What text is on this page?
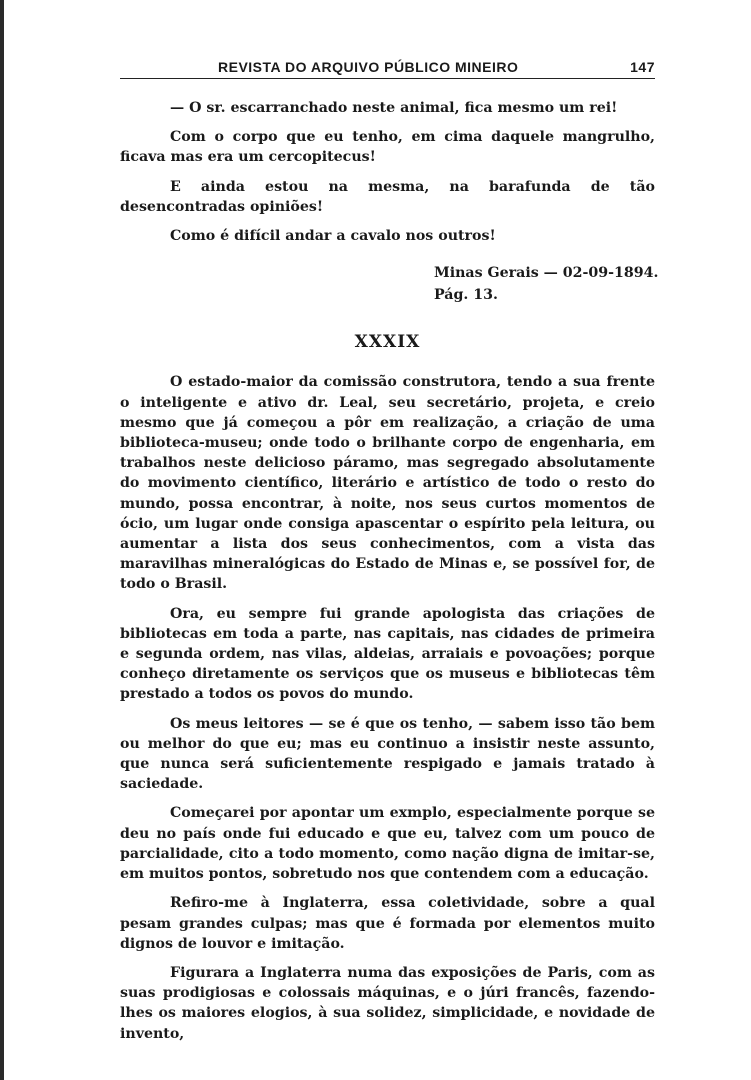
REVISTA DO ARQUIVO PÚBLICO MINEIRO	147

— O sr. escarranchado neste animal, fica mesmo um rei!

Com o corpo que eu tenho, em cima daquele mangrulho, ficava mas era um cercopitecus!

E ainda estou na mesma, na barafunda de tão desencontradas opiniões!

Como é difícil andar a cavalo nos outros!

Minas Gerais — 02-09-1894.
Pág. 13.
XXXIX

O estado-maior da comissão construtora, tendo a sua frente o inteligente e ativo dr. Leal, seu secretário, projeta, e creio mesmo que já começou a pôr em realização, a criação de uma biblioteca-museu; onde todo o brilhante corpo de engenharia, em trabalhos neste delicioso páramo, mas segregado absolutamente do movimento científico, literário e artístico de todo o resto do mundo, possa encontrar, à noite, nos seus curtos momentos de ócio, um lugar onde consiga apascentar o espírito pela leitura, ou aumentar a lista dos seus conhecimentos, com a vista das maravilhas mineralógicas do Estado de Minas e, se possível for, de todo o Brasil.

Ora, eu sempre fui grande apologista das criações de bibliotecas em toda a parte, nas capitais, nas cidades de primeira e segunda ordem, nas vilas, aldeias, arraiais e povoações; porque conheço diretamente os serviços que os museus e bibliotecas têm prestado a todos os povos do mundo.

Os meus leitores — se é que os tenho, — sabem isso tão bem ou melhor do que eu; mas eu continuo a insistir neste assunto, que nunca será suficientemente respigado e jamais tratado à saciedade.

Começarei por apontar um exmplo, especialmente porque se deu no país onde fui educado e que eu, talvez com um pouco de parcialidade, cito a todo momento, como nação digna de imitar-se, em muitos pontos, sobretudo nos que contendem com a educação.

Refiro-me à Inglaterra, essa coletividade, sobre a qual pesam grandes culpas; mas que é formada por elementos muito dignos de louvor e imitação.

Figurara a Inglaterra numa das exposições de Paris, com as suas prodigiosas e colossais máquinas, e o júri francês, fazendo-lhes os maiores elogios, à sua solidez, simplicidade, e novidade de invento,
